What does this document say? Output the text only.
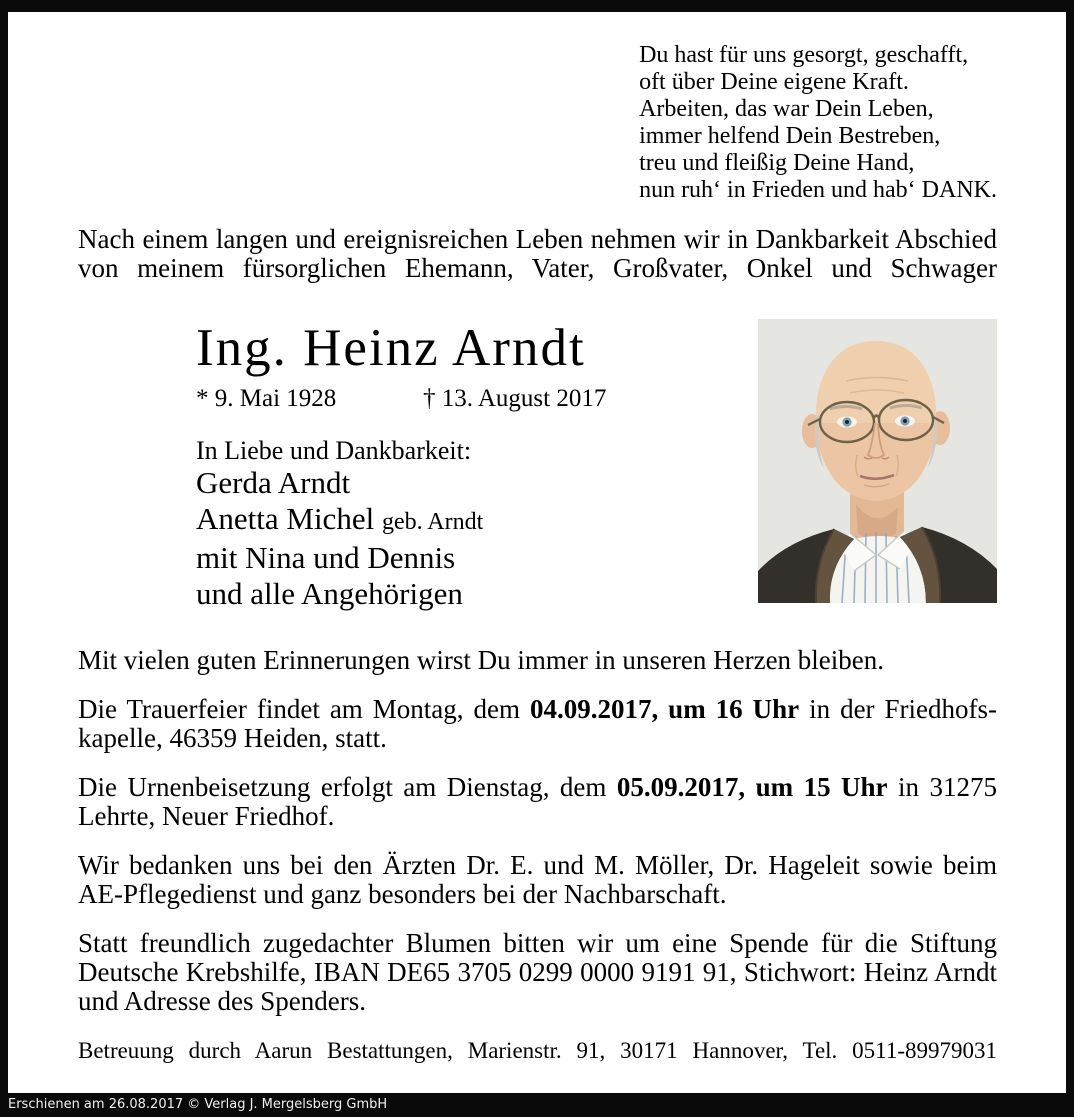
Du hast für uns gesorgt, geschafft,
oft über Deine eigene Kraft.
Arbeiten, das war Dein Leben,
immer helfend Dein Bestreben,
treu und fleißig Deine Hand,
nun ruh‘ in Frieden und hab‘ DANK.

Nach einem langen und ereignisreichen Leben nehmen wir in Dankbarkeit Abschied von meinem fürsorglichen Ehemann, Vater, Großvater, Onkel und Schwager

Ing. Heinz Arndt
* 9. Mai 1928	† 13. August 2017
In Liebe und Dankbarkeit:
Gerda Arndt
Anetta Michel geb. Arndt
mit Nina und Dennis
und alle Angehörigen

Mit vielen guten Erinnerungen wirst Du immer in unseren Herzen bleiben.

Die Trauerfeier findet am Montag, dem 04.09.2017, um 16 Uhr in der Friedhofskapelle, 46359 Heiden, statt.

Die Urnenbeisetzung erfolgt am Dienstag, dem 05.09.2017, um 15 Uhr in 31275 Lehrte, Neuer Friedhof.

Wir bedanken uns bei den Ärzten Dr. E. und M. Möller, Dr. Hageleit sowie beim AE-Pflegedienst und ganz besonders bei der Nachbarschaft.

Statt freundlich zugedachter Blumen bitten wir um eine Spende für die Stiftung Deutsche Krebshilfe, IBAN DE65 3705 0299 0000 9191 91, Stichwort: Heinz Arndt und Adresse des Spenders.

Betreuung durch Aarun Bestattungen, Marienstr. 91, 30171 Hannover, Tel. 0511-89979031

Erschienen am 26.08.2017 © Verlag J. Mergelsberg GmbH
